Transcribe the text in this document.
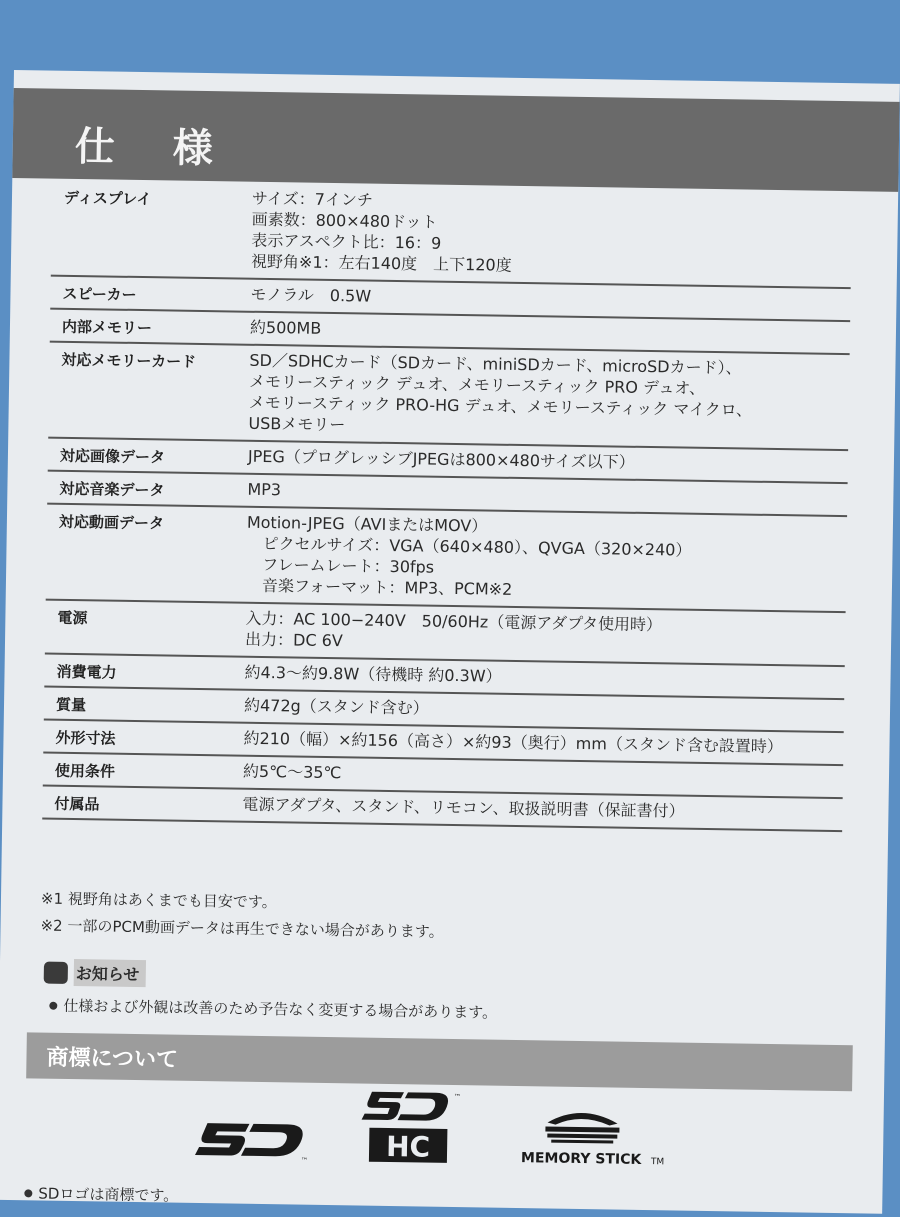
仕 様
ディスプレイ	サイズ：7インチ
画素数：800×480ドット
表示アスペクト比：16：9
視野角※1：左右140度　上下120度
スピーカー	モノラル　0.5W
内部メモリー	約500MB
対応メモリーカード	SD／SDHCカード（SDカード、miniSDカード、microSDカード）、
メモリースティック デュオ、メモリースティック PRO デュオ、
メモリースティック PRO-HG デュオ、メモリースティック マイクロ、
USBメモリー
対応画像データ	JPEG（プログレッシブJPEGは800×480サイズ以下）
対応音楽データ	MP3
対応動画データ	Motion-JPEG（AVIまたはMOV）
ピクセルサイズ：VGA（640×480）、QVGA（320×240）
フレームレート：30fps
音楽フォーマット：MP3、PCM※2
電源	入力：AC 100−240V　50/60Hz（電源アダプタ使用時）
出力：DC 6V
消費電力	約4.3〜約9.8W（待機時 約0.3W）
質量	約472g（スタンド含む）
外形寸法	約210（幅）×約156（高さ）×約93（奥行）mm（スタンド含む設置時）
使用条件	約5℃〜35℃
付属品	電源アダプタ、スタンド、リモコン、取扱説明書（保証書付）
※1 視野角はあくまでも目安です。
※2 一部のPCM動画データは再生できない場合があります。
お知らせ
仕様および外観は改善のため予告なく変更する場合があります。
商標について
™	HC
™
MEMORY STICK TM
SDロゴは商標です。
